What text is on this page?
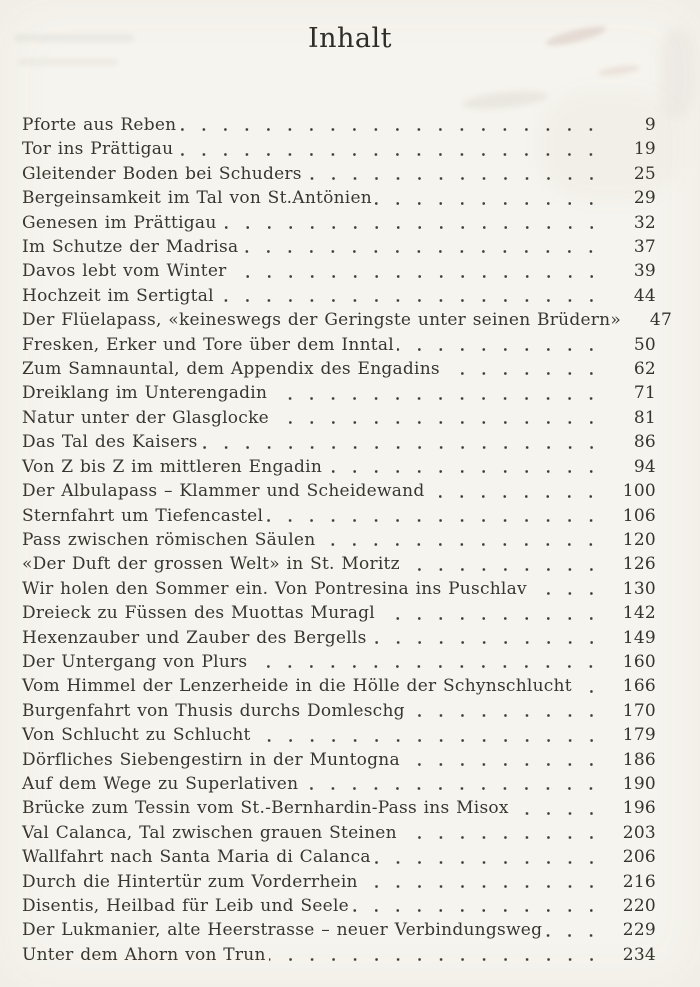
Inhalt
Pforte aus Reben	9
Tor ins Prättigau	19
Gleitender Boden bei Schuders	25
Bergeinsamkeit im Tal von St.Antönien	29
Genesen im Prättigau	32
Im Schutze der Madrisa	37
Davos lebt vom Winter	39
Hochzeit im Sertigtal	44
Der Flüelapass, «keineswegs der Geringste unter seinen Brüdern»	47
Fresken, Erker und Tore über dem Inntal	50
Zum Samnauntal, dem Appendix des Engadins	62
Dreiklang im Unterengadin	71
Natur unter der Glasglocke	81
Das Tal des Kaisers	86
Von Z bis Z im mittleren Engadin	94
Der Albulapass – Klammer und Scheidewand	100
Sternfahrt um Tiefencastel	106
Pass zwischen römischen Säulen	120
«Der Duft der grossen Welt» in St. Moritz	126
Wir holen den Sommer ein. Von Pontresina ins Puschlav	130
Dreieck zu Füssen des Muottas Muragl	142
Hexenzauber und Zauber des Bergells	149
Der Untergang von Plurs	160
Vom Himmel der Lenzerheide in die Hölle der Schynschlucht	166
Burgenfahrt von Thusis durchs Domleschg	170
Von Schlucht zu Schlucht	179
Dörfliches Siebengestirn in der Muntogna	186
Auf dem Wege zu Superlativen	190
Brücke zum Tessin vom St.-Bernhardin-Pass ins Misox	196
Val Calanca, Tal zwischen grauen Steinen	203
Wallfahrt nach Santa Maria di Calanca	206
Durch die Hintertür zum Vorderrhein	216
Disentis, Heilbad für Leib und Seele	220
Der Lukmanier, alte Heerstrasse – neuer Verbindungsweg	229
Unter dem Ahorn von Trun	234
